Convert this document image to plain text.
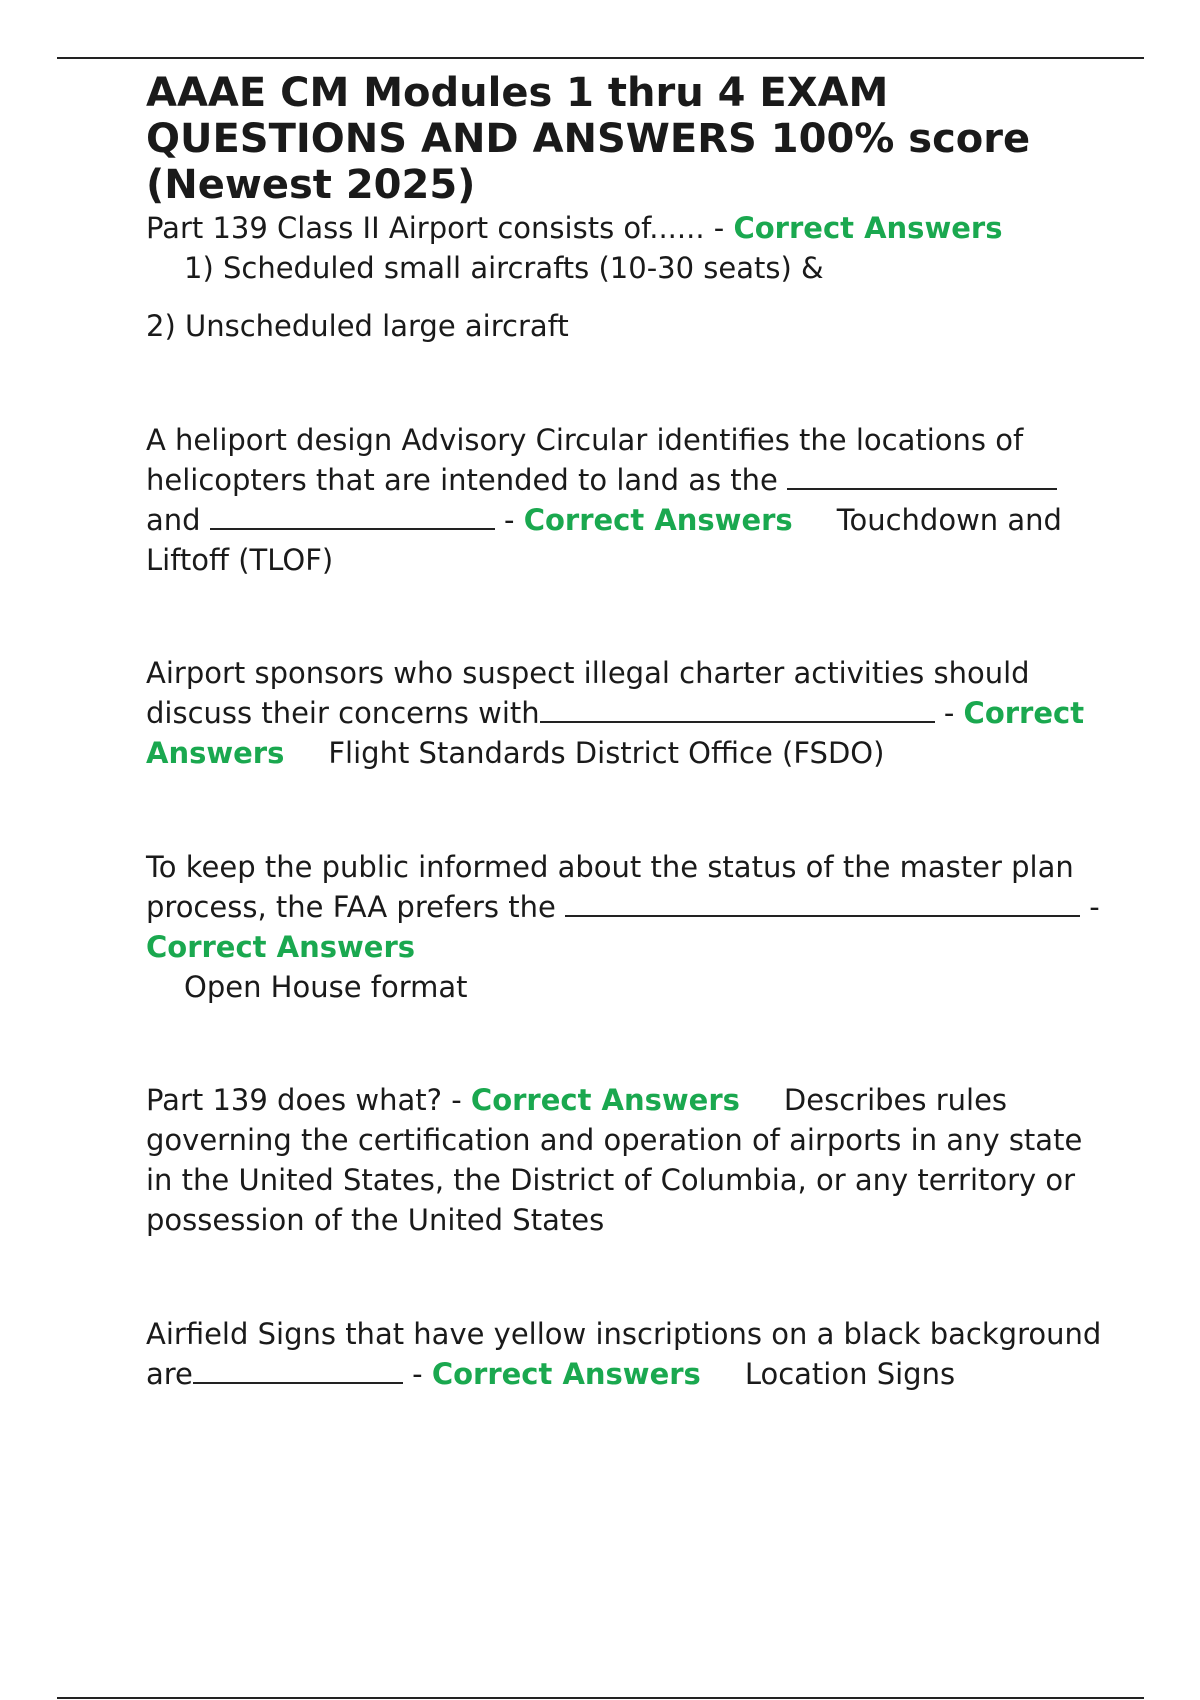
AAAE CM Modules 1 thru 4 EXAM QUESTIONS AND ANSWERS 100% score (Newest 2025)
Part 139 Class II Airport consists of...... - Correct Answers
1) Scheduled small aircrafts (10-30 seats) &
2) Unscheduled large aircraft
A heliport design Advisory Circular identifies the locations of helicopters that are intended to land as the  and	- Correct Answers Touchdown and Liftoff (TLOF)
Airport sponsors who suspect illegal charter activities should discuss their concerns with	- Correct Answers Flight Standards District Office (FSDO)
To keep the public informed about the status of the master plan process, the FAA prefers the	- Correct Answers
Open House format
Part 139 does what? - Correct Answers Describes rules governing the certification and operation of airports in any state in the United States, the District of Columbia, or any territory or possession of the United States
Airfield Signs that have yellow inscriptions on a black background are	- Correct Answers Location Signs
